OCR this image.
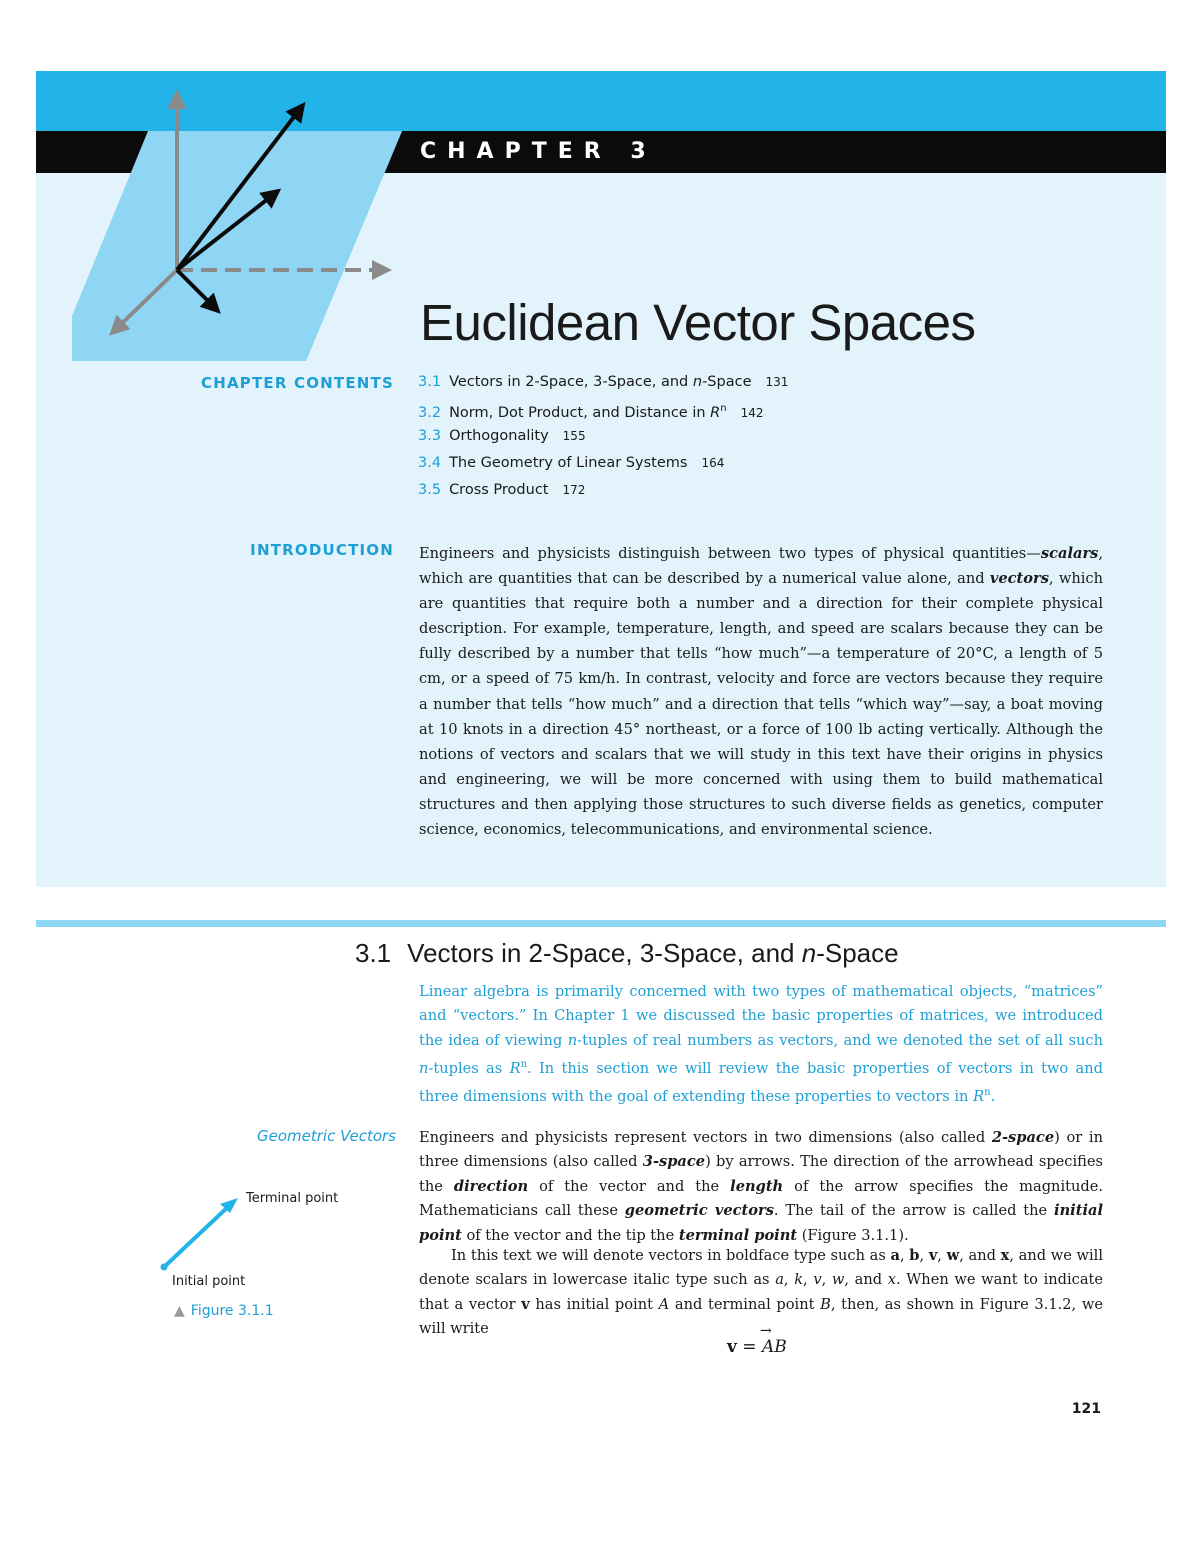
CHAPTER 3
Euclidean Vector Spaces
CHAPTER CONTENTS 3.1 Vectors in 2-Space, 3-Space, and n-Space 131
3.2 Norm, Dot Product, and Distance in $R^n$ 142
3.3 Orthogonality 155
3.4 The Geometry of Linear Systems 164
3.5 Cross Product 172
INTRODUCTION Engineers and physicists distinguish between two types of physical quantities—scalars, which are quantities that can be described by a numerical value alone, and vectors, which are quantities that require both a number and a direction for their complete physical description. For example, temperature, length, and speed are scalars because they can be fully described by a number that tells “how much”—a temperature of 20°C, a length of 5 cm, or a speed of 75 km/h. In contrast, velocity and force are vectors because they require a number that tells “how much” and a direction that tells “which way”—say, a boat moving at 10 knots in a direction 45° northeast, or a force of 100 lb acting vertically. Although the notions of vectors and scalars that we will study in this text have their origins in physics and engineering, we will be more concerned with using them to build mathematical structures and then applying those structures to such diverse fields as genetics, computer science, economics, telecommunications, and environmental science.

3.1 Vectors in 2-Space, 3-Space, and n-Space

Linear algebra is primarily concerned with two types of mathematical objects, “matrices” and “vectors.” In Chapter 1 we discussed the basic properties of matrices, we introduced the idea of viewing n-tuples of real numbers as vectors, and we denoted the set of all such n-tuples as $R^n$. In this section we will review the basic properties of vectors in two and three dimensions with the goal of extending these properties to vectors in $R^n$.

Geometric Vectors Engineers and physicists represent vectors in two dimensions (also called 2-space) or in three dimensions (also called 3-space) by arrows. The direction of the arrowhead specifies the direction of the vector and the length of the arrow specifies the magnitude. Mathematicians call these geometric vectors. The tail of the arrow is called the initial point of the vector and the tip the terminal point (Figure 3.1.1).

In this text we will denote vectors in boldface type such as a, b, v, w, and x, and we will denote scalars in lowercase italic type such as a, k, v, w, and x. When we want to indicate that a vector v has initial point A and terminal point B, then, as shown in Figure 3.1.2, we will write

v =
→
AB
Terminal point
Initial point
▲ Figure 3.1.1
121
